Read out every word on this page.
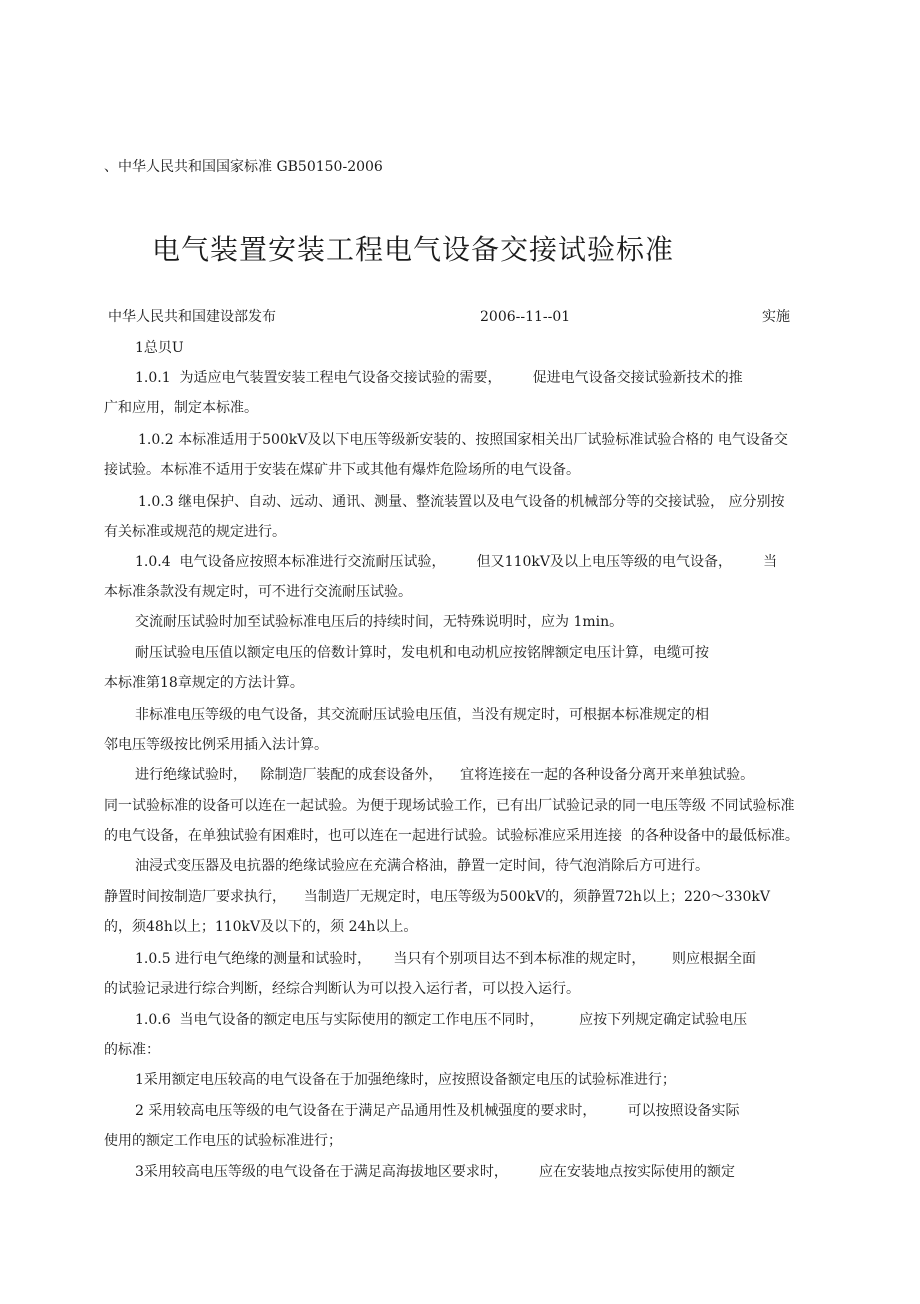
、中华人民共和国国家标准 GB50150-2006

电气装置安装工程电气设备交接试验标准

中华人民共和国建设部发布	2006--11--01	实施

1总贝U

1.0.1  为适应电气装置安装工程电气设备交接试验的需要，       促进电气设备交接试验新技术的推

广和应用，制定本标准。

1.0.2 本标准适用于500kV及以下电压等级新安装的、按照国家相关出厂试验标准试验合格的 电气设备交

接试验。本标准不适用于安装在煤矿井下或其他有爆炸危险场所的电气设备。

1.0.3 继电保护、自动、远动、通讯、测量、整流装置以及电气设备的机械部分等的交接试验， 应分别按

有关标准或规范的规定进行。

1.0.4  电气设备应按照本标准进行交流耐压试验，       但又110kV及以上电压等级的电气设备，       当

本标准条款没有规定时，可不进行交流耐压试验。

交流耐压试验时加至试验标准电压后的持续时间，无特殊说明时，应为 1min。

耐压试验电压值以额定电压的倍数计算时，发电机和电动机应按铭牌额定电压计算，电缆可按

本标准第18章规定的方法计算。

非标准电压等级的电气设备，其交流耐压试验电压值，当没有规定时，可根据本标准规定的相

邻电压等级按比例采用插入法计算。

进行绝缘试验时，   除制造厂装配的成套设备外，    宜将连接在一起的各种设备分离开来单独试验。

同一试验标准的设备可以连在一起试验。为便于现场试验工作，已有出厂试验记录的同一电压等级 不同试验标准

的电气设备，在单独试验有困难时，也可以连在一起进行试验。试验标准应采用连接  的各种设备中的最低标准。

油浸式变压器及电抗器的绝缘试验应在充满合格油，静置一定时间，待气泡消除后方可进行。

静置时间按制造厂要求执行，    当制造厂无规定时，电压等级为500kV的，须静置72h以上；220～330kV

的，须48h以上；110kV及以下的，须 24h以上。

1.0.5 进行电气绝缘的测量和试验时，     当只有个别项目达不到本标准的规定时，      则应根据全面

的试验记录进行综合判断，经综合判断认为可以投入运行者，可以投入运行。

1.0.6  当电气设备的额定电压与实际使用的额定工作电压不同时，        应按下列规定确定试验电压

的标准：

1采用额定电压较高的电气设备在于加强绝缘时，应按照设备额定电压的试验标准进行；

2 采用较高电压等级的电气设备在于满足产品通用性及机械强度的要求时，       可以按照设备实际

使用的额定工作电压的试验标准进行；

3采用较高电压等级的电气设备在于满足高海拔地区要求时，       应在安装地点按实际使用的额定
